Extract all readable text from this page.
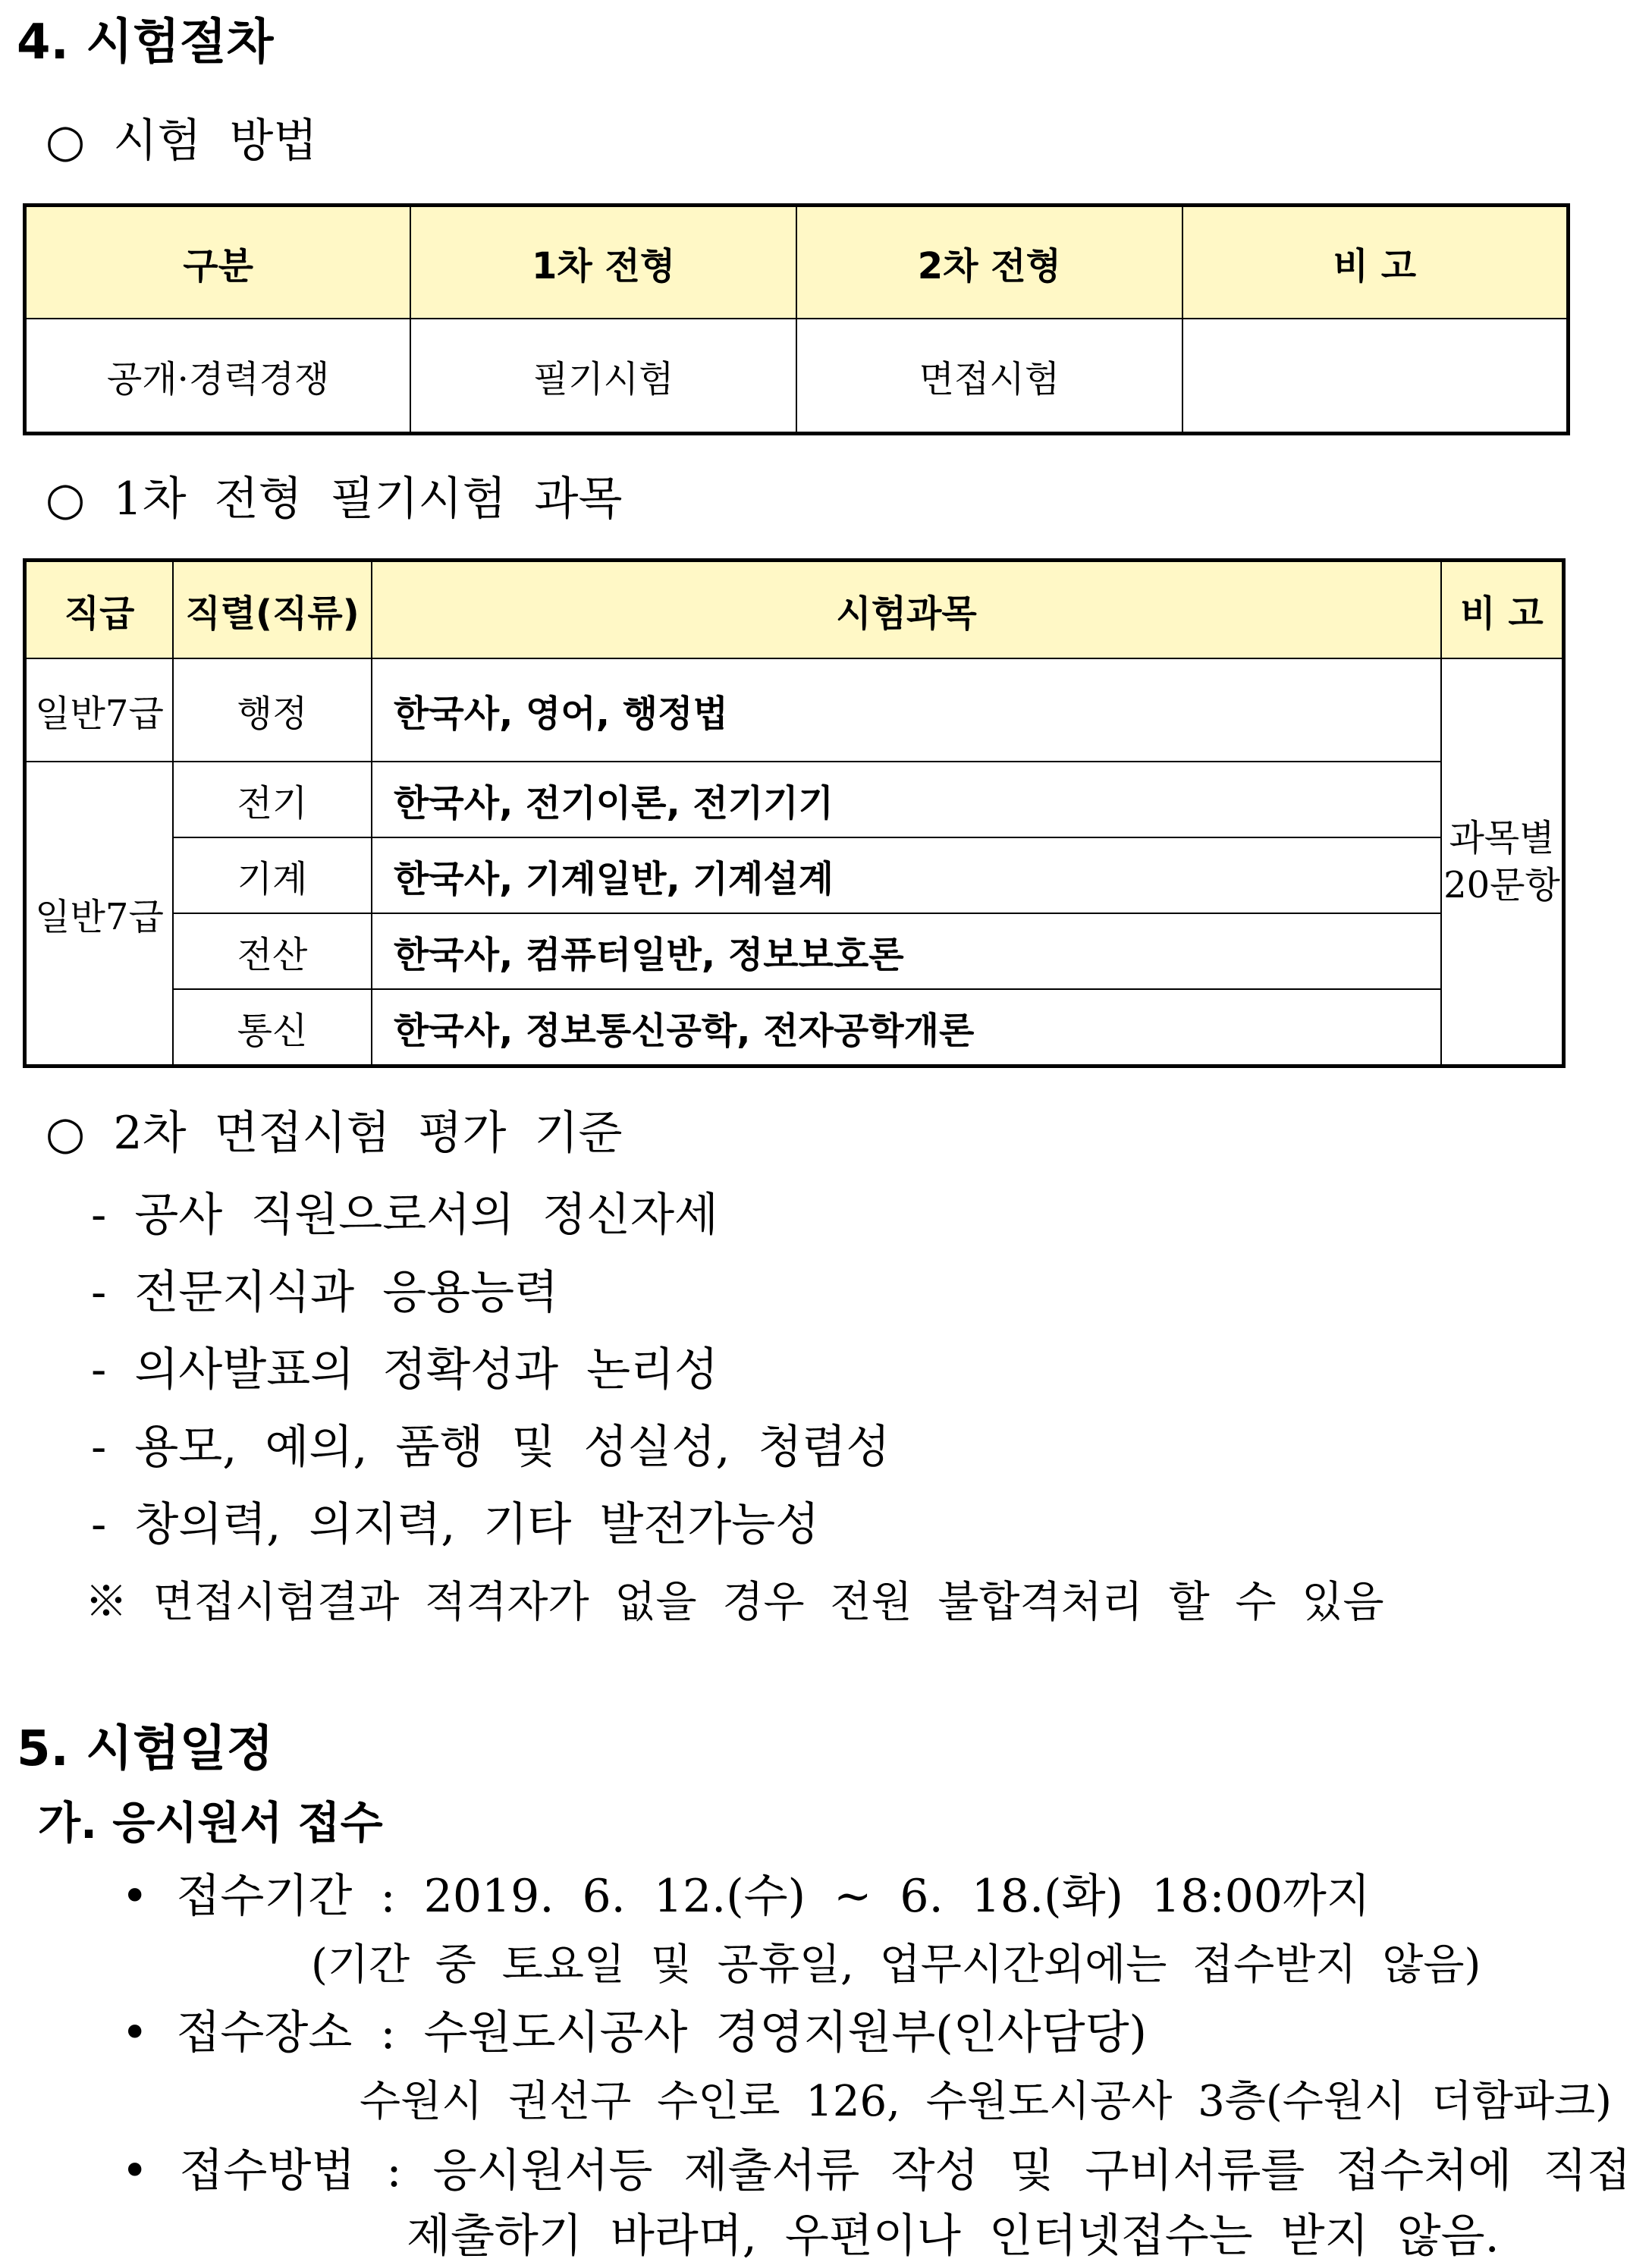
4. 시험절차
○ 시험 방법
구분	1차 전형	2차 전형	비 고
공개·경력경쟁	필기시험	면접시험	
○ 1차 전형 필기시험 과목
직급	직렬(직류)	시험과목	비 고
일반7급	행정	한국사, 영어, 행정법	과목별
20문항

일반7급	전기	한국사, 전기이론, 전기기기	
	기계	한국사, 기계일반, 기계설계	
	전산	한국사, 컴퓨터일반, 정보보호론	
	통신	한국사, 정보통신공학, 전자공학개론	
○ 2차 면접시험 평가 기준
- 공사 직원으로서의 정신자세
- 전문지식과 응용능력
- 의사발표의 정확성과 논리성
- 용모, 예의, 품행 및 성실성, 청렴성
- 창의력, 의지력, 기타 발전가능성
※ 면접시험결과 적격자가 없을 경우 전원 불합격처리 할 수 있음
5. 시험일정
가. 응시원서 접수
• 접수기간 : 2019. 6. 12.(수) ~ 6. 18.(화) 18:00까지
(기간 중 토요일 및 공휴일, 업무시간외에는 접수받지 않음)
• 접수장소 : 수원도시공사 경영지원부(인사담당)
수원시 권선구 수인로 126, 수원도시공사 3층(수원시 더함파크)
• 접수방법 : 응시원서등 제출서류 작성 및 구비서류를 접수처에 직접
제출하기 바라며, 우편이나 인터넷접수는 받지 않음.
